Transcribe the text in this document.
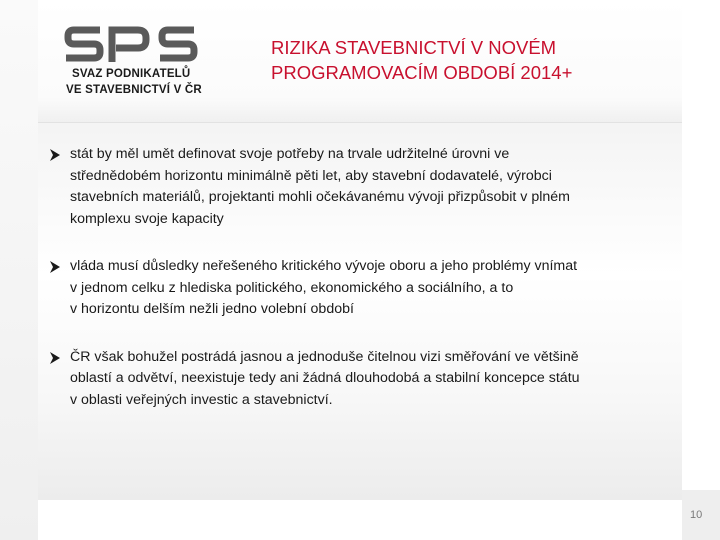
SVAZ PODNIKATELŮ
VE STAVEBNICTVÍ V ČR
RIZIKA STAVEBNICTVÍ V NOVÉM
PROGRAMOVACÍM OBDOBÍ 2014+
stát by měl umět definovat svoje potřeby na trvale udržitelné úrovni ve
střednědobém horizontu minimálně pěti let, aby stavební dodavatelé, výrobci
stavebních materiálů, projektanti mohli očekávanému vývoji přizpůsobit v plném
komplexu svoje kapacity
vláda musí důsledky neřešeného kritického vývoje oboru a jeho problémy vnímat
v jednom celku z hlediska politického, ekonomického a sociálního, a to
v horizontu delším nežli jedno volební období
ČR však bohužel postrádá jasnou a jednoduše čitelnou vizi směřování ve většině
oblastí a odvětví, neexistuje tedy ani žádná dlouhodobá a stabilní koncepce státu
v oblasti veřejných investic a stavebnictví.
10
